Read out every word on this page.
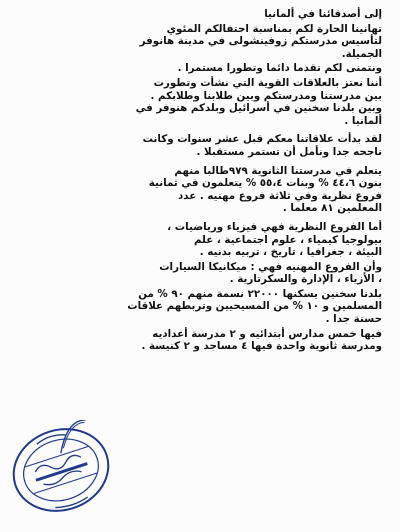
إلى أصدقائنا في ألمانيا
تهانينا الحارة لكم بمناسبة احتفالكم المئوي
لتأسيس مدرستكم زوفينشولى في مدينة هانوفر
الجميلة.
ونتمنى لكم تقدما دائما وتطورا مستمرا .
أننا نعتز بالعلاقات القوية التي نشأت وتطورت
بين مدرستنا ومدرستكم وبين طلابنا وطلابكم .
وبين بلدنا سخنين في أسرائيل وبلدكم هنوفر في
ألمانيا .
لقد بدأت علاقاتنا معكم قبل عشر سنوات وكانت
ناجحه جدا ونأمل أن تستمر مستقبلا .
يتعلم في مدرستنا الثانوية ٩٧٩طالبا منهم
بنون ٤٤،٦ % وبنات ٥٥،٤ % يتعلمون في ثمانية
فروع نظرية وفي ثلاثة فروع مهنيه . عدد
المعلمين ٨١ معلما .
أما الفروع النظرية فهي فيزياء ورياضيات ،
بيولوجيا كيمياء ، علوم اجتماعية ، علم
البيئة ، جغرافيا ، تاريخ ، تربيه بدنيه .
وأن الفروع المهنيه فهي : ميكانيكا السيارات
، الأزياء ، الإدارة والسكرتارية .
بلدنا سخنين يسكنها ٢٢٠٠٠ نسمة منهم ٩٠ % من
المسلمين و ١٠ % من المسيحيين وتربطهم علاقات
حسنة جدا .
فيها خمس مدارس أبتدائيه و ٢ مدرسة أعداديه
ومدرسة ثانوية واحدة فيها ٤ مساجد و ٢ كنيسة .
